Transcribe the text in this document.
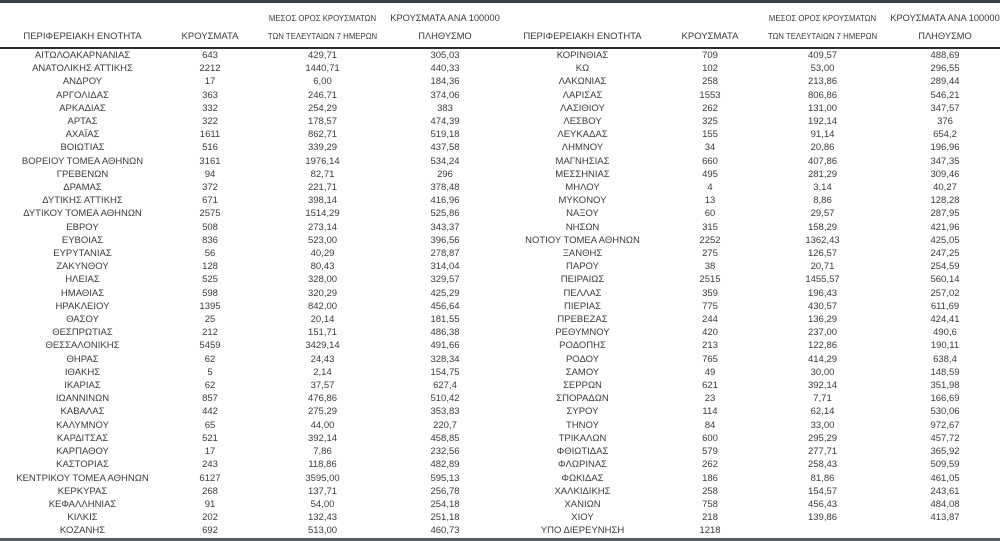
ΠΕΡΙΦΕΡΕΙΑΚΗ ΕΝΟΤΗΤΑ	ΚΡΟΥΣΜΑΤΑ	ΜΕΣΟΣ ΟΡΟΣ ΚΡΟΥΣΜΑΤΩΝ
ΤΩΝ ΤΕΛΕΥΤΑΙΩΝ 7 ΗΜΕΡΩΝ	ΚΡΟΥΣΜΑΤΑ ΑΝΑ 100000
ΠΛΗΘΥΣΜΟ
ΑΙΤΩΛΟΑΚΑΡΝΑΝΙΑΣ	643	429,71	305,03
ΑΝΑΤΟΛΙΚΗΣ ΑΤΤΙΚΗΣ	2212	1440,71	440,33
ΑΝΔΡΟΥ	17	6,00	184,36
ΑΡΓΟΛΙΔΑΣ	363	246,71	374,06
ΑΡΚΑΔΙΑΣ	332	254,29	383
ΑΡΤΑΣ	322	178,57	474,39
ΑΧΑΪΑΣ	1611	862,71	519,18
ΒΟΙΩΤΙΑΣ	516	339,29	437,58
ΒΟΡΕΙΟΥ ΤΟΜΕΑ ΑΘΗΝΩΝ	3161	1976,14	534,24
ΓΡΕΒΕΝΩΝ	94	82,71	296
ΔΡΑΜΑΣ	372	221,71	378,48
ΔΥΤΙΚΗΣ ΑΤΤΙΚΗΣ	671	398,14	416,96
ΔΥΤΙΚΟΥ ΤΟΜΕΑ ΑΘΗΝΩΝ	2575	1514,29	525,86
ΕΒΡΟΥ	508	273,14	343,37
ΕΥΒΟΙΑΣ	836	523,00	396,56
ΕΥΡΥΤΑΝΙΑΣ	56	40,29	278,87
ΖΑΚΥΝΘΟΥ	128	80,43	314,04
ΗΛΕΙΑΣ	525	328,00	329,57
ΗΜΑΘΙΑΣ	598	320,29	425,29
ΗΡΑΚΛΕΙΟΥ	1395	842,00	456,64
ΘΑΣΟΥ	25	20,14	181,55
ΘΕΣΠΡΩΤΙΑΣ	212	151,71	486,38
ΘΕΣΣΑΛΟΝΙΚΗΣ	5459	3429,14	491,66
ΘΗΡΑΣ	62	24,43	328,34
ΙΘΑΚΗΣ	5	2,14	154,75
ΙΚΑΡΙΑΣ	62	37,57	627,4
ΙΩΑΝΝΙΝΩΝ	857	476,86	510,42
ΚΑΒΑΛΑΣ	442	275,29	353,83
ΚΑΛΥΜΝΟΥ	65	44,00	220,7
ΚΑΡΔΙΤΣΑΣ	521	392,14	458,85
ΚΑΡΠΑΘΟΥ	17	7,86	232,56
ΚΑΣΤΟΡΙΑΣ	243	118,86	482,89
ΚΕΝΤΡΙΚΟΥ ΤΟΜΕΑ ΑΘΗΝΩΝ	6127	3595,00	595,13
ΚΕΡΚΥΡΑΣ	268	137,71	256,78
ΚΕΦΑΛΛΗΝΙΑΣ	91	54,00	254,18
ΚΙΛΚΙΣ	202	132,43	251,18
ΚΟΖΑΝΗΣ	692	513,00	460,73
ΠΕΡΙΦΕΡΕΙΑΚΗ ΕΝΟΤΗΤΑ	ΚΡΟΥΣΜΑΤΑ	ΜΕΣΟΣ ΟΡΟΣ ΚΡΟΥΣΜΑΤΩΝ
ΤΩΝ ΤΕΛΕΥΤΑΙΩΝ 7 ΗΜΕΡΩΝ	ΚΡΟΥΣΜΑΤΑ ΑΝΑ 100000
ΠΛΗΘΥΣΜΟ
ΚΟΡΙΝΘΙΑΣ	709	409,57	488,69
ΚΩ	102	53,00	296,55
ΛΑΚΩΝΙΑΣ	258	213,86	289,44
ΛΑΡΙΣΑΣ	1553	806,86	546,21
ΛΑΣΙΘΙΟΥ	262	131,00	347,57
ΛΕΣΒΟΥ	325	192,14	376
ΛΕΥΚΑΔΑΣ	155	91,14	654,2
ΛΗΜΝΟΥ	34	20,86	196,96
ΜΑΓΝΗΣΙΑΣ	660	407,86	347,35
ΜΕΣΣΗΝΙΑΣ	495	281,29	309,46
ΜΗΛΟΥ	4	3,14	40,27
ΜΥΚΟΝΟΥ	13	8,86	128,28
ΝΑΞΟΥ	60	29,57	287,95
ΝΗΣΩΝ	315	158,29	421,96
ΝΟΤΙΟΥ ΤΟΜΕΑ ΑΘΗΝΩΝ	2252	1362,43	425,05
ΞΑΝΘΗΣ	275	126,57	247,25
ΠΑΡΟΥ	38	20,71	254,59
ΠΕΙΡΑΙΩΣ	2515	1455,57	560,14
ΠΕΛΛΑΣ	359	196,43	257,02
ΠΙΕΡΙΑΣ	775	430,57	611,69
ΠΡΕΒΕΖΑΣ	244	136,29	424,41
ΡΕΘΥΜΝΟΥ	420	237,00	490,6
ΡΟΔΟΠΗΣ	213	122,86	190,11
ΡΟΔΟΥ	765	414,29	638,4
ΣΑΜΟΥ	49	30,00	148,59
ΣΕΡΡΩΝ	621	392,14	351,98
ΣΠΟΡΑΔΩΝ	23	7,71	166,69
ΣΥΡΟΥ	114	62,14	530,06
ΤΗΝΟΥ	84	33,00	972,67
ΤΡΙΚΑΛΩΝ	600	295,29	457,72
ΦΘΙΩΤΙΔΑΣ	579	277,71	365,92
ΦΛΩΡΙΝΑΣ	262	258,43	509,59
ΦΩΚΙΔΑΣ	186	81,86	461,05
ΧΑΛΚΙΔΙΚΗΣ	258	154,57	243,61
ΧΑΝΙΩΝ	758	456,43	484,08
ΧΙΟΥ	218	139,86	413,87
ΥΠΟ ΔΙΕΡΕΥΝΗΣΗ	1218		
